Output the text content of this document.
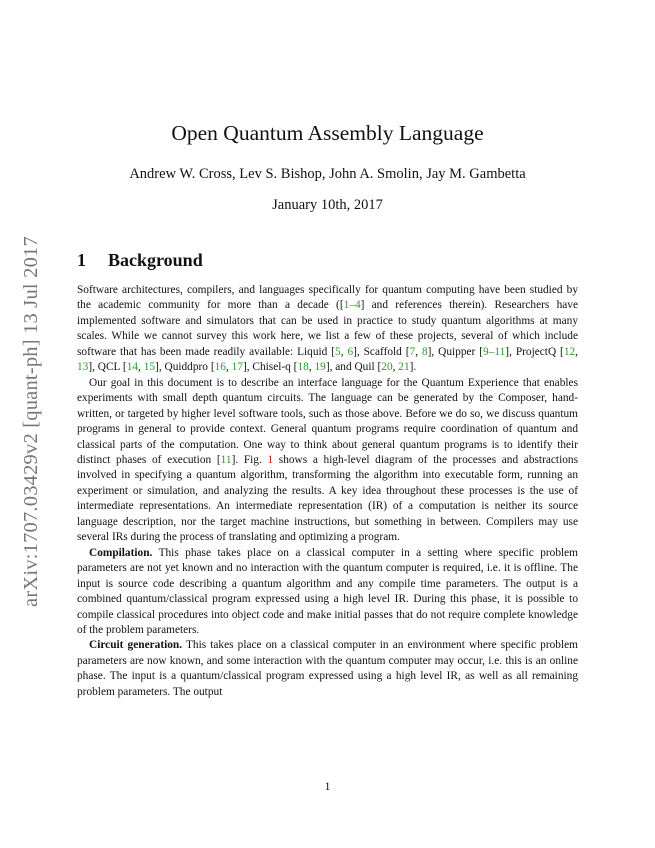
arXiv:1707.03429v2 [quant-ph] 13 Jul 2017
Open Quantum Assembly Language
Andrew W. Cross, Lev S. Bishop, John A. Smolin, Jay M. Gambetta
January 10th, 2017
1 Background

Software architectures, compilers, and languages specifically for quantum computing have been studied by the academic community for more than a decade ([1–4] and references therein). Researchers have implemented software and simulators that can be used in practice to study quantum algorithms at many scales. While we cannot survey this work here, we list a few of these projects, several of which include software that has been made readily available: Liquid [5, 6], Scaffold [7, 8], Quipper [9–11], ProjectQ [12, 13], QCL [14, 15], Quiddpro [16, 17], Chisel-q [18, 19], and Quil [20, 21].

Our goal in this document is to describe an interface language for the Quantum Experience that enables experiments with small depth quantum circuits. The language can be generated by the Composer, hand-written, or targeted by higher level software tools, such as those above. Before we do so, we discuss quantum programs in general to provide context. General quantum programs require coordination of quantum and classical parts of the computation. One way to think about general quantum programs is to identify their distinct phases of execution [11]. Fig. 1 shows a high-level diagram of the processes and abstractions involved in specifying a quantum algorithm, transforming the algorithm into executable form, running an experiment or simulation, and analyzing the results. A key idea throughout these processes is the use of intermediate representations. An intermediate representation (IR) of a computation is neither its source language description, nor the target machine instructions, but something in between. Compilers may use several IRs during the process of translating and optimizing a program.

Compilation. This phase takes place on a classical computer in a setting where specific problem parameters are not yet known and no interaction with the quantum computer is required, i.e. it is offline. The input is source code describing a quantum algorithm and any compile time parameters. The output is a combined quantum/classical program expressed using a high level IR. During this phase, it is possible to compile classical procedures into object code and make initial passes that do not require complete knowledge of the problem parameters.

Circuit generation. This takes place on a classical computer in an environment where specific problem parameters are now known, and some interaction with the quantum computer may occur, i.e. this is an online phase. The input is a quantum/classical program expressed using a high level IR, as well as all remaining problem parameters. The output

1
